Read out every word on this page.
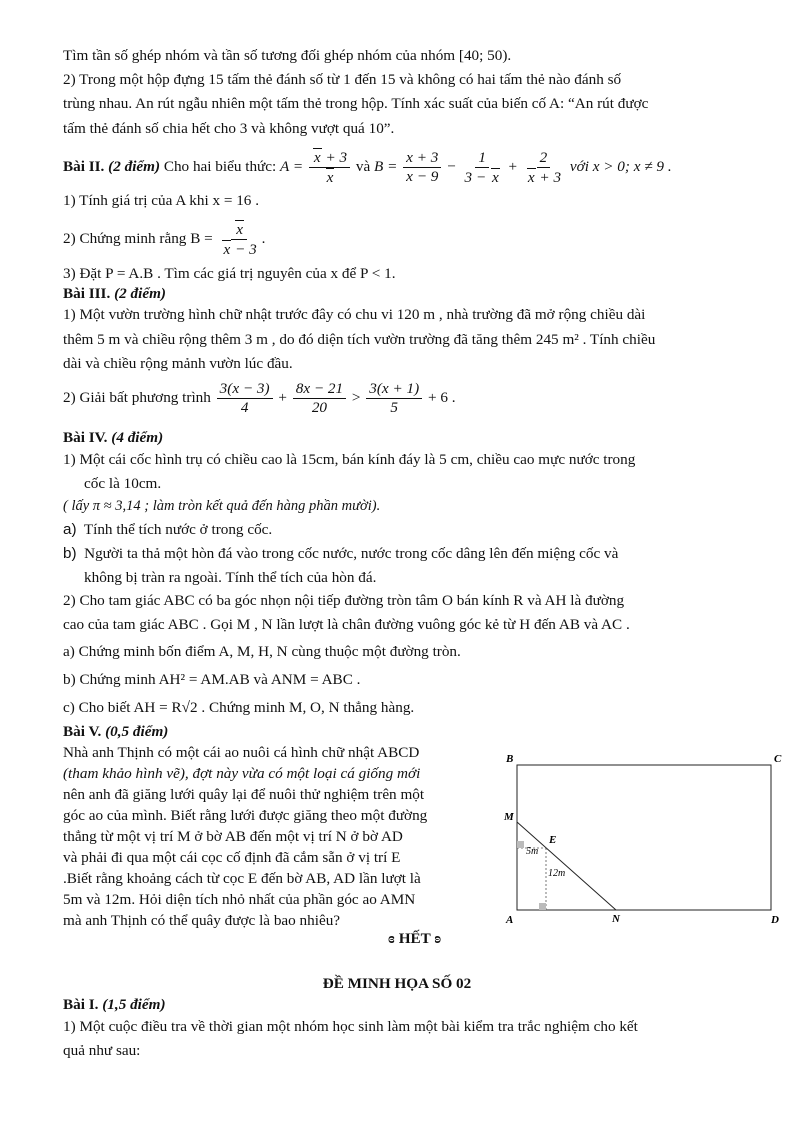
Tìm tần số ghép nhóm và tần số tương đối ghép nhóm của nhóm [40; 50).
2) Trong một hộp đựng 15 tấm thẻ đánh số từ 1 đến 15 và không có hai tấm thẻ nào đánh số
trùng nhau. An rút ngẫu nhiên một tấm thẻ trong hộp. Tính xác suất của biến cố A: “An rút được
tấm thẻ đánh số chia hết cho 3 và không vượt quá 10”.
Bài II. (2 điểm) Cho hai biểu thức: $A = \frac{x + 3}{x}$ và $B = \frac{x + 3}{x - 9} - \frac{1}{3 - x} + \frac{2}{x + 3}$ với x > 0; x ≠ 9 .
1) Tính giá trị của A khi x = 16 .
2) Chứng minh rằng $B = \frac{x}{x - 3}$ .
3) Đặt P = A.B . Tìm các giá trị nguyên của x để P < 1.
Bài III. (2 điểm)
1) Một vườn trường hình chữ nhật trước đây có chu vi 120 m , nhà trường đã mở rộng chiều dài
thêm 5 m và chiều rộng thêm 3 m , do đó diện tích vườn trường đã tăng thêm 245 m² . Tính chiều
dài và chiều rộng mảnh vườn lúc đầu.
2) Giải bất phương trình $\frac{3(x - 3)}{4} + \frac{8x - 21}{20} > \frac{3(x + 1)}{5} + 6$ .
Bài IV. (4 điểm)
1) Một cái cốc hình trụ có chiều cao là 15cm, bán kính đáy là 5 cm, chiều cao mực nước trong
cốc là 10cm.
( lấy π ≈ 3,14 ; làm tròn kết quả đến hàng phần mười).
a) Tính thể tích nước ở trong cốc.
b) Người ta thả một hòn đá vào trong cốc nước, nước trong cốc dâng lên đến miệng cốc và
không bị tràn ra ngoài. Tính thể tích của hòn đá.
2) Cho tam giác ABC có ba góc nhọn nội tiếp đường tròn tâm O bán kính R và AH là đường
cao của tam giác ABC . Gọi M , N lần lượt là chân đường vuông góc kẻ từ H đến AB và AC .
a) Chứng minh bốn điểm A, M, H, N cùng thuộc một đường tròn.
b) Chứng minh AH² = AM.AB và ANM = ABC .
c) Cho biết AH = R√2 . Chứng minh M, O, N thẳng hàng.
Bài V. (0,5 điểm)
Nhà anh Thịnh có một cái ao nuôi cá hình chữ nhật ABCD
(tham khảo hình vẽ), đợt này vừa có một loại cá giống mới
nên anh đã giăng lưới quây lại để nuôi thử nghiệm trên một
góc ao của mình. Biết rằng lưới được giăng theo một đường
thẳng từ một vị trí M ở bờ AB đến một vị trí N ở bờ AD
và phải đi qua một cái cọc cố định đã cắm sẵn ở vị trí E
.Biết rằng khoảng cách từ cọc E đến bờ AB, AD lần lượt là
5m và 12m. Hỏi diện tích nhỏ nhất của phần góc ao AMN
mà anh Thịnh có thể quây được là bao nhiêu?
B	C
A	D
M
N
E
5m
12m
ɞ HẾT ʚ
ĐỀ MINH HỌA SỐ 02
Bài I. (1,5 điểm)
1) Một cuộc điều tra về thời gian một nhóm học sinh làm một bài kiểm tra trắc nghiệm cho kết
quả như sau:
